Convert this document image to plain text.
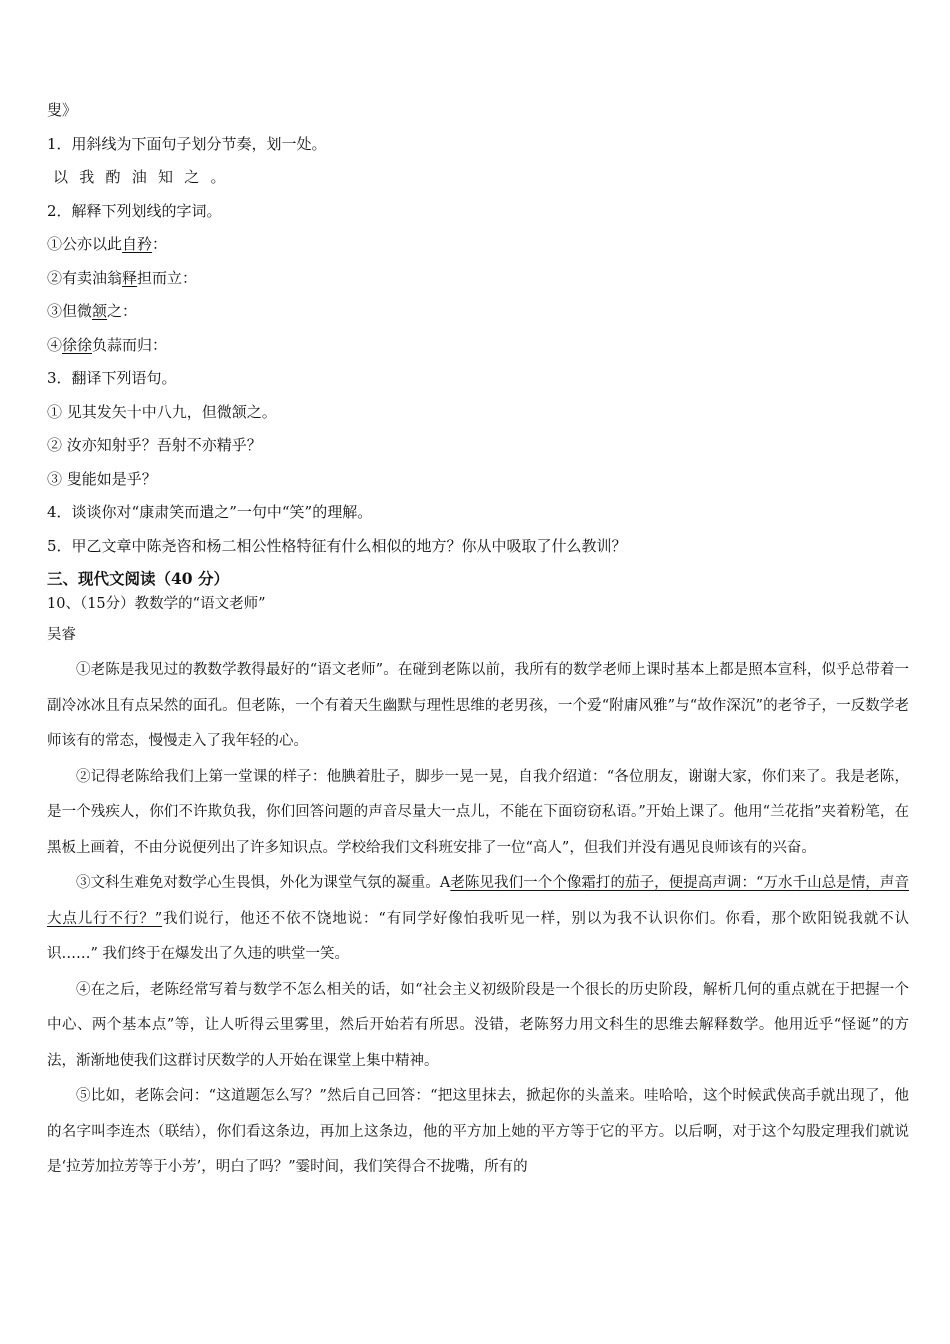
叟》
1．用斜线为下面句子划分节奏，划一处。
以我酌油知之。
2．解释下列划线的字词。
①公亦以此自矜：
②有卖油翁释担而立：
③但微颔之：
④徐徐负蒜而归：
3．翻译下列语句。
① 见其发矢十中八九，但微颔之。
② 汝亦知射乎？吾射不亦精乎？
③ 叟能如是乎？
4．谈谈你对“康肃笑而遣之”一句中“笑”的理解。
5．甲乙文章中陈尧咨和杨二相公性格特征有什么相似的地方？你从中吸取了什么教训？
三、现代文阅读（40 分）
10、（15分）教数学的“语文老师”
吴睿

①老陈是我见过的教数学教得最好的“语文老师”。在碰到老陈以前，我所有的数学老师上课时基本上都是照本宣科，似乎总带着一副冷冰冰且有点呆然的面孔。但老陈，一个有着天生幽默与理性思维的老男孩，一个爱“附庸风雅”与“故作深沉”的老爷子，一反数学老师该有的常态，慢慢走入了我年轻的心。

②记得老陈给我们上第一堂课的样子：他腆着肚子，脚步一晃一晃，自我介绍道：“各位朋友，谢谢大家，你们来了。我是老陈，是一个残疾人，你们不许欺负我，你们回答问题的声音尽量大一点儿，不能在下面窃窃私语。”开始上课了。他用“兰花指”夹着粉笔，在黑板上画着，不由分说便列出了许多知识点。学校给我们文科班安排了一位“高人”，但我们并没有遇见良师该有的兴奋。

③文科生难免对数学心生畏惧，外化为课堂气氛的凝重。A老陈见我们一个个像霜打的茄子，便提高声调：“万水千山总是情，声音大点儿行不行？”我们说行，他还不依不饶地说：“有同学好像怕我听见一样，别以为我不认识你们。你看，那个欧阳锐我就不认识……” 我们终于在爆发出了久违的哄堂一笑。

④在之后，老陈经常写着与数学不怎么相关的话，如“社会主义初级阶段是一个很长的历史阶段，解析几何的重点就在于把握一个中心、两个基本点”等，让人听得云里雾里，然后开始若有所思。没错，老陈努力用文科生的思维去解释数学。他用近乎“怪诞”的方法，渐渐地使我们这群讨厌数学的人开始在课堂上集中精神。

⑤比如，老陈会问：“这道题怎么写？”然后自己回答：“把这里抹去，掀起你的头盖来。哇哈哈，这个时候武侠高手就出现了，他的名字叫李连杰（联结），你们看这条边，再加上这条边，他的平方加上她的平方等于它的平方。以后啊，对于这个勾股定理我们就说是‘拉芳加拉芳等于小芳’，明白了吗？”霎时间，我们笑得合不拢嘴，所有的
